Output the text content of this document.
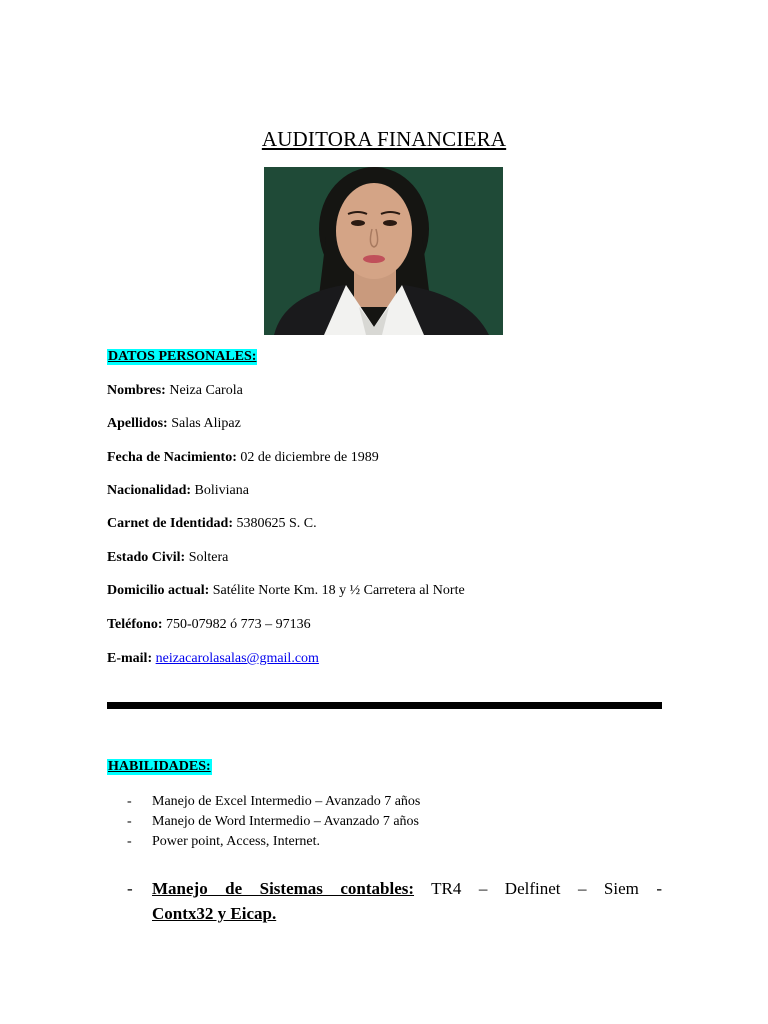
AUDITORA FINANCIERA
DATOS PERSONALES:
Nombres: Neiza Carola
Apellidos: Salas Alipaz
Fecha de Nacimiento: 02 de diciembre de 1989
Nacionalidad: Boliviana
Carnet de Identidad: 5380625 S. C.
Estado Civil: Soltera
Domicilio actual: Satélite Norte Km. 18 y ½ Carretera al Norte
Teléfono: 750-07982 ó 773 – 97136
E-mail: neizacarolasalas@gmail.com
HABILIDADES:
- Manejo de Excel Intermedio – Avanzado 7 años
- Manejo de Word Intermedio – Avanzado 7 años
- Power point, Access, Internet.
- Manejo de Sistemas contables: TR4 – Delfinet – Siem -
Contx32 y Eicap.
